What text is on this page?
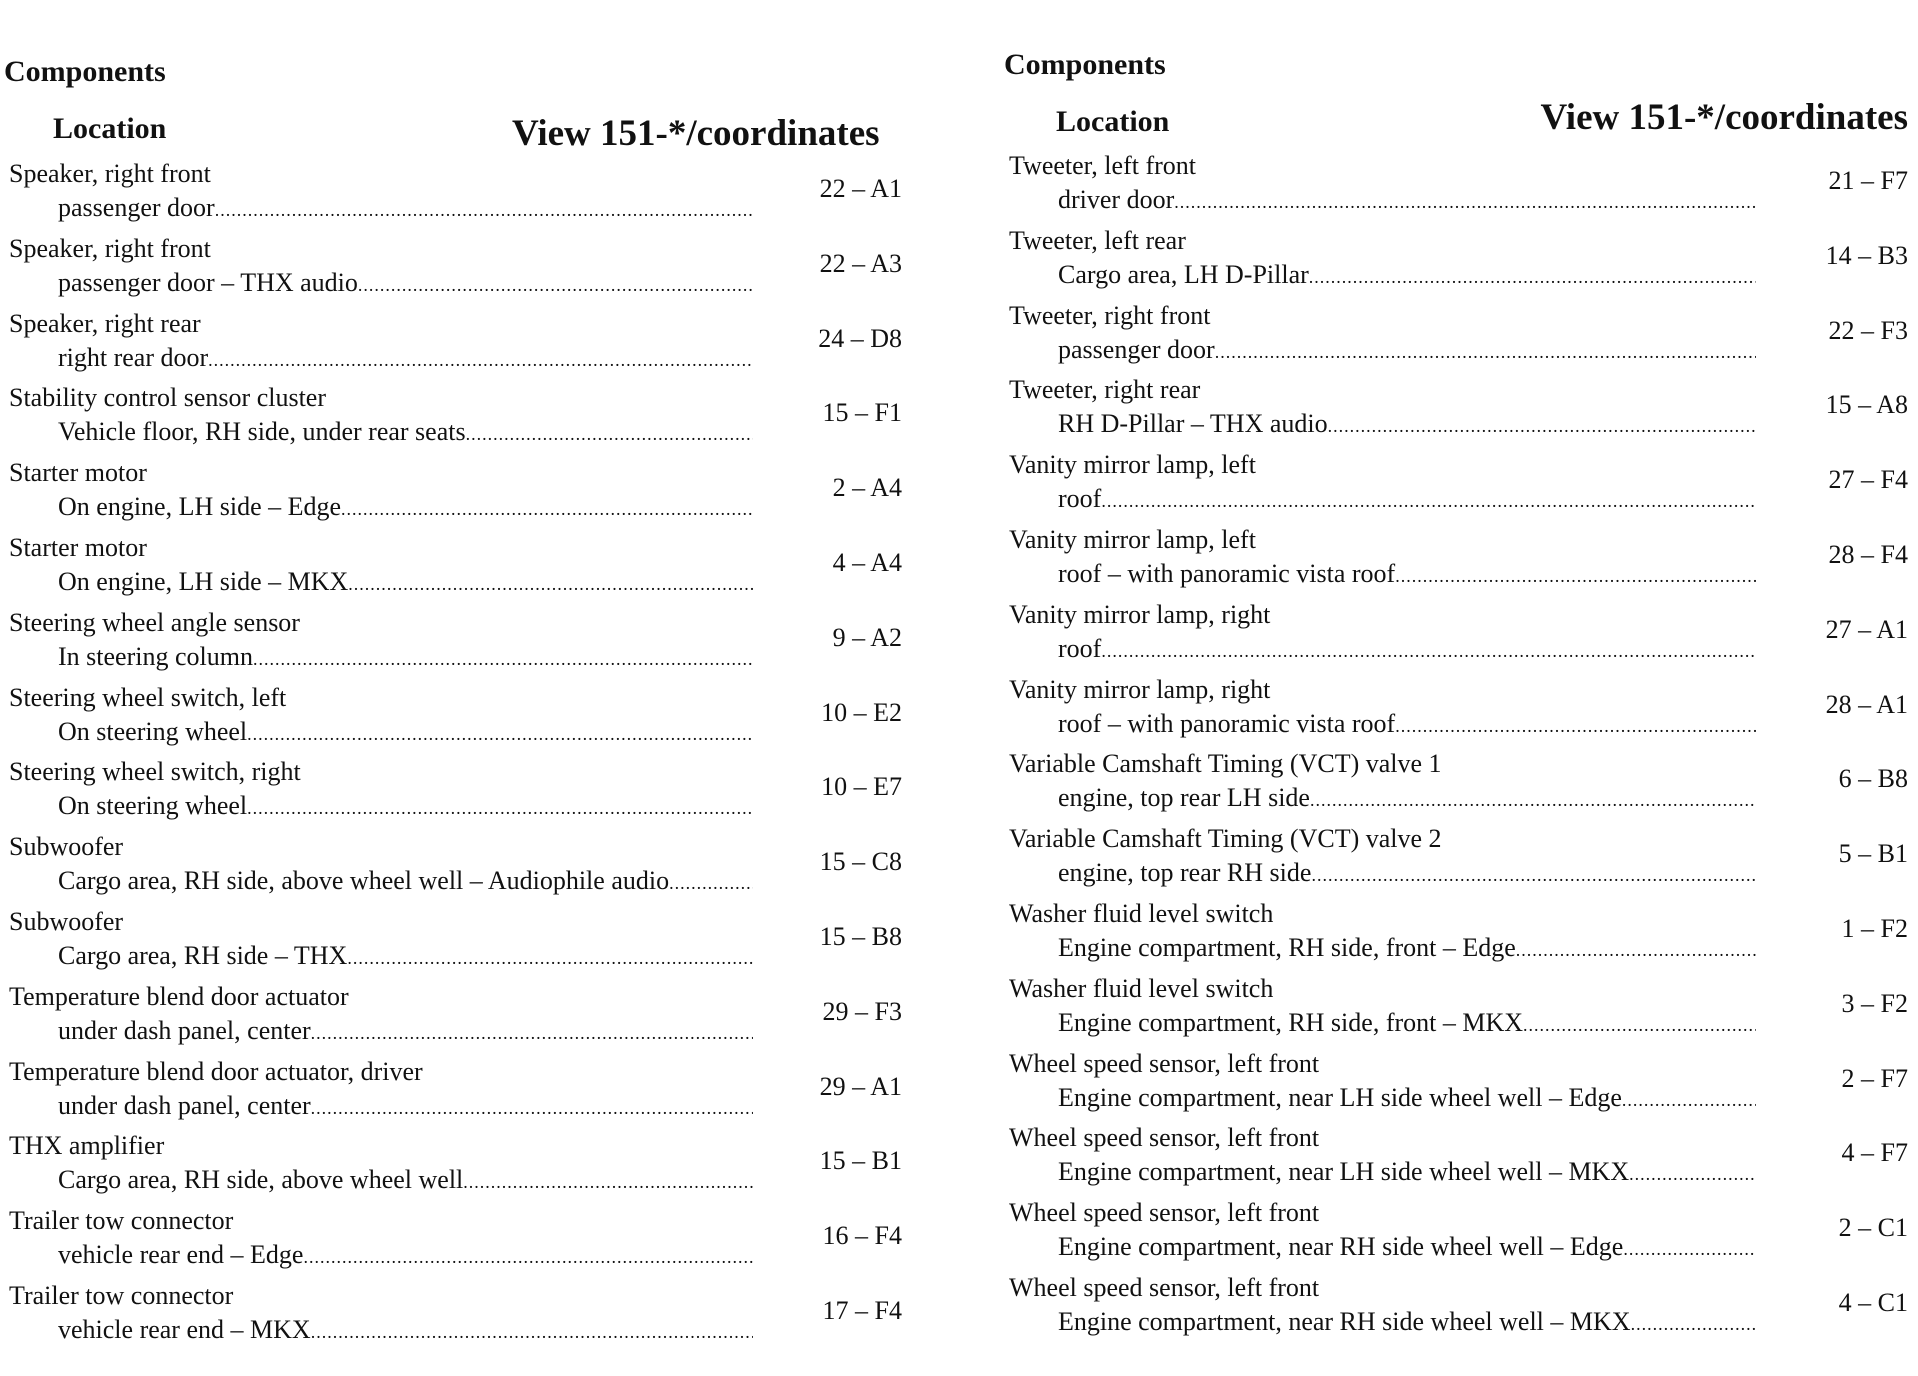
Components
Location	View 151-*/coordinates
Speaker, right front
passenger door
.....
22 – A1
Speaker, right front
passenger door – THX audio
.....
22 – A3
Speaker, right rear
right rear door
.....
24 – D8
Stability control sensor cluster
Vehicle floor, RH side, under rear seats
.....
15 – F1
Starter motor
On engine, LH side – Edge
.....
2 – A4
Starter motor
On engine, LH side – MKX
.....
4 – A4
Steering wheel angle sensor
In steering column
.....
9 – A2
Steering wheel switch, left
On steering wheel
.....
10 – E2
Steering wheel switch, right
On steering wheel
.....
10 – E7
Subwoofer
Cargo area, RH side, above wheel well – Audiophile audio
.....
15 – C8
Subwoofer
Cargo area, RH side – THX
.....
15 – B8
Temperature blend door actuator
under dash panel, center
.....
29 – F3
Temperature blend door actuator, driver
under dash panel, center
.....
29 – A1
THX amplifier
Cargo area, RH side, above wheel well
.....
15 – B1
Trailer tow connector
vehicle rear end – Edge
.....
16 – F4
Trailer tow connector
vehicle rear end – MKX
.....
17 – F4
Components
Location	View 151-*/coordinates
Tweeter, left front
driver door
.....
21 – F7
Tweeter, left rear
Cargo area, LH D-Pillar
.....
14 – B3
Tweeter, right front
passenger door
.....
22 – F3
Tweeter, right rear
RH D-Pillar – THX audio
.....
15 – A8
Vanity mirror lamp, left
roof
.....
27 – F4
Vanity mirror lamp, left
roof – with panoramic vista roof
.....
28 – F4
Vanity mirror lamp, right
roof
.....
27 – A1
Vanity mirror lamp, right
roof – with panoramic vista roof
.....
28 – A1
Variable Camshaft Timing (VCT) valve 1
engine, top rear LH side
.....
6 – B8
Variable Camshaft Timing (VCT) valve 2
engine, top rear RH side
.....
5 – B1
Washer fluid level switch
Engine compartment, RH side, front – Edge
.....
1 – F2
Washer fluid level switch
Engine compartment, RH side, front – MKX
.....
3 – F2
Wheel speed sensor, left front
Engine compartment, near LH side wheel well – Edge
.....
2 – F7
Wheel speed sensor, left front
Engine compartment, near LH side wheel well – MKX
.....
4 – F7
Wheel speed sensor, left front
Engine compartment, near RH side wheel well – Edge
.....
2 – C1
Wheel speed sensor, left front
Engine compartment, near RH side wheel well – MKX
.....
4 – C1
